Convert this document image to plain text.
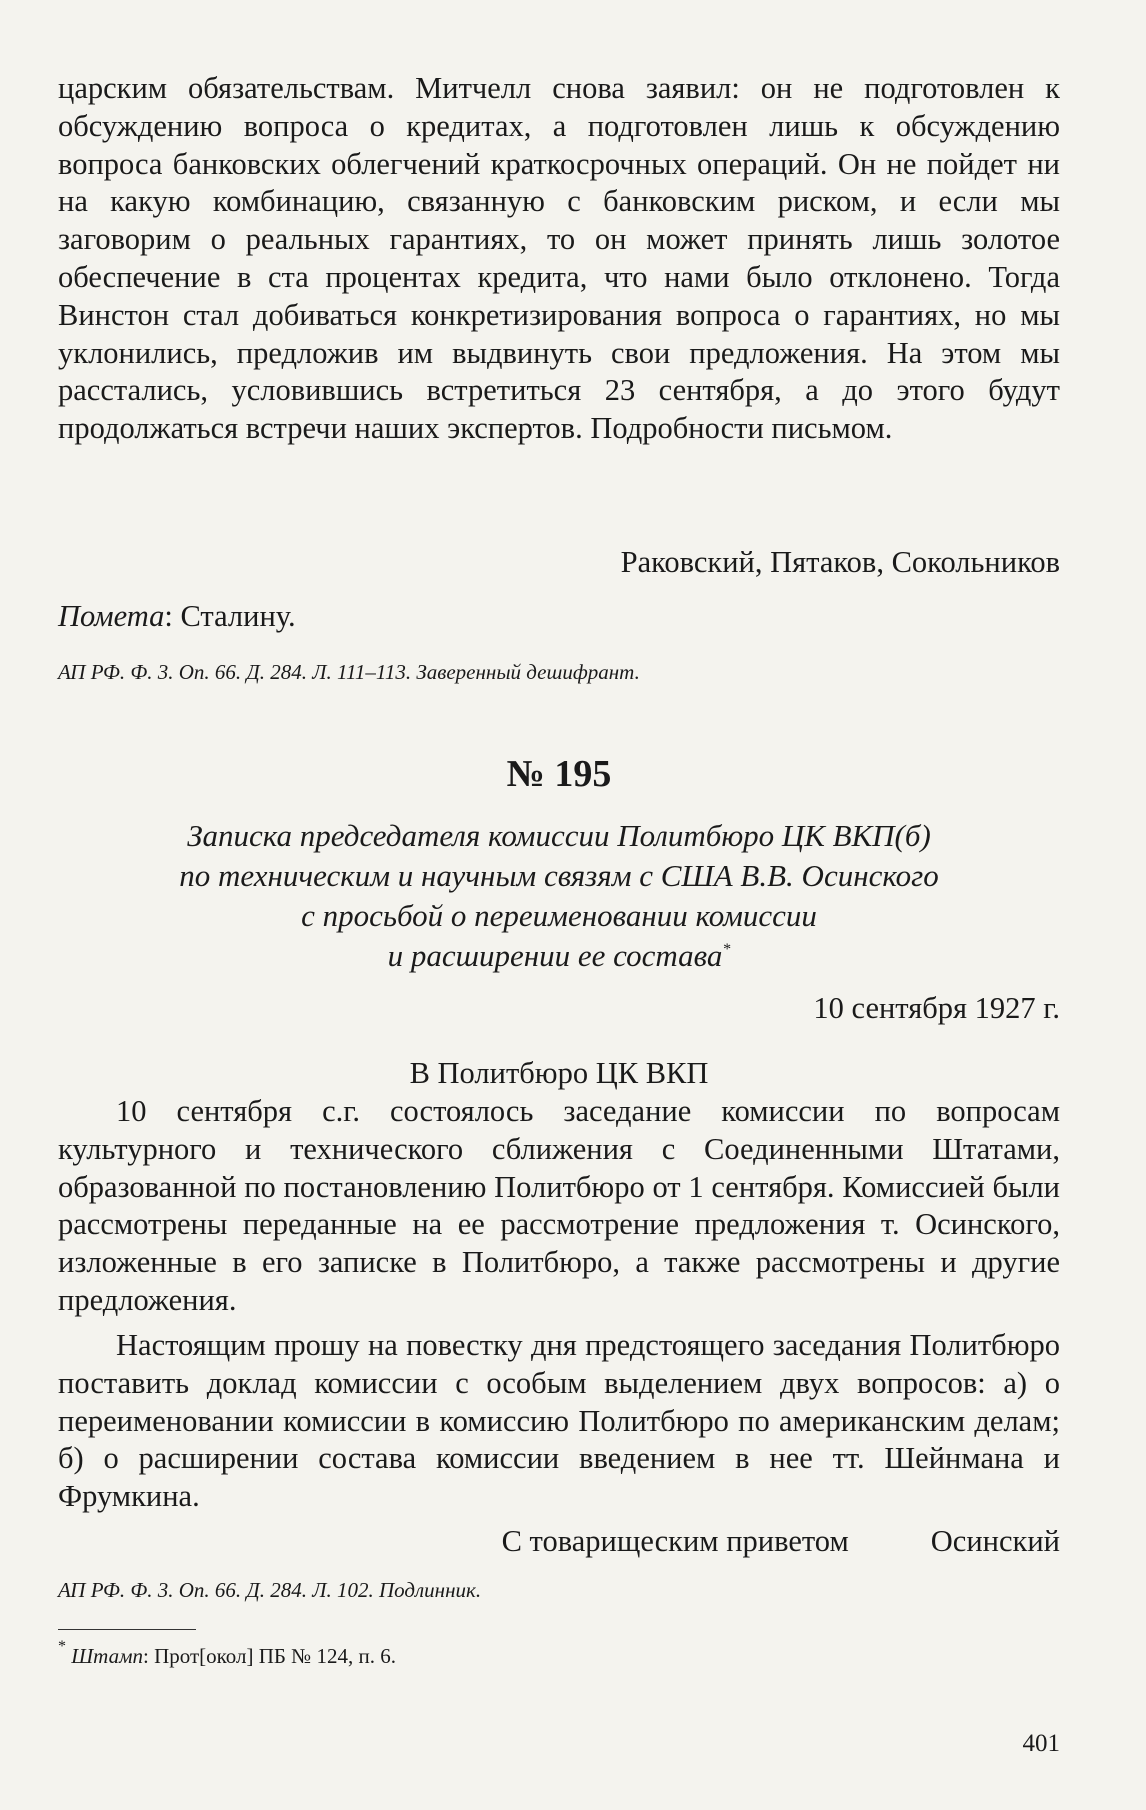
царским обязательствам. Митчелл снова заявил: он не подготовлен к обсуждению вопроса о кредитах, а подготовлен лишь к обсуждению вопроса банковских облегчений краткосрочных операций. Он не пойдет ни на какую комбинацию, связанную с банковским риском, и если мы заговорим о реальных гарантиях, то он может принять лишь золотое обеспечение в ста процентах кредита, что нами было отклонено. Тогда Винстон стал добиваться конкретизирования вопроса о гарантиях, но мы уклонились, предложив им выдвинуть свои предложения. На этом мы расстались, условившись встретиться 23 сентября, а до этого будут продолжаться встречи наших экспертов. Подробности письмом.

Раковский, Пятаков, Сокольников
Помета: Сталину.
АП РФ. Ф. 3. Оп. 66. Д. 284. Л. 111–113. Заверенный дешифрант.
№ 195
Записка председателя комиссии Политбюро ЦК ВКП(б)
по техническим и научным связям с США В.В. Осинского
с просьбой о переименовании комиссии
и расширении ее состава*
10 сентября 1927 г.
В Политбюро ЦК ВКП

10 сентября с.г. состоялось заседание комиссии по вопросам культурного и технического сближения с Соединенными Штатами, образованной по постановлению Политбюро от 1 сентября. Комиссией были рассмотрены переданные на ее рассмотрение предложения т. Осинского, изложенные в его записке в Политбюро, а также рассмотрены и другие предложения.

Настоящим прошу на повестку дня предстоящего заседания Политбюро поставить доклад комиссии с особым выделением двух вопросов: а) о переименовании комиссии в комиссию Политбюро по американским делам; б) о расширении состава комиссии введением в нее тт. Шейнмана и Фрумкина.

С товарищеским приветом	Осинский
АП РФ. Ф. 3. Оп. 66. Д. 284. Л. 102. Подлинник.
* Штамп: Прот[окол] ПБ № 124, п. 6.
401
